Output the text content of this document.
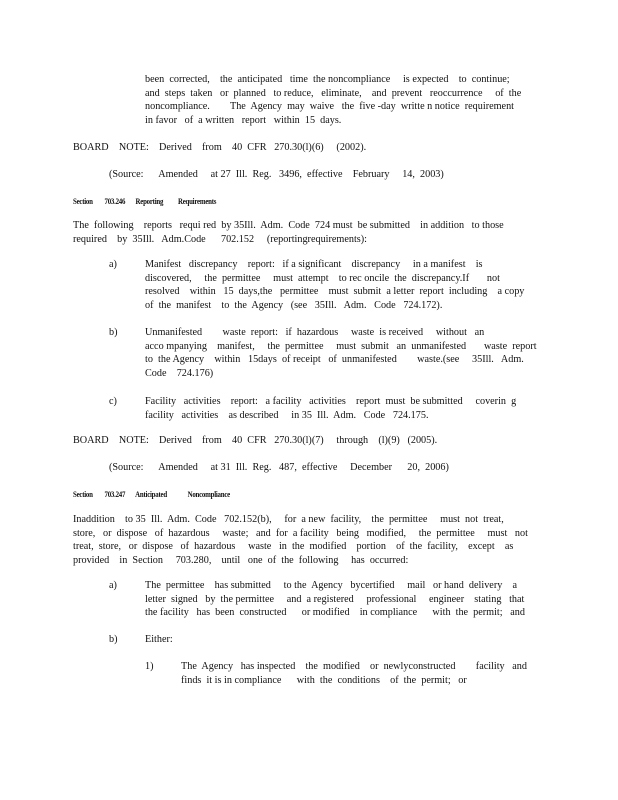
been  corrected,    the  anticipated   time  the noncompliance     is expected    to  continue;
and  steps  taken   or  planned   to reduce,   eliminate,    and  prevent   reoccurrence     of  the
noncompliance.        The  Agency  may  waive   the  five -day  writte n notice  requirement
in favor   of  a written   report   within  15  days.
BOARD    NOTE:    Derived    from    40  CFR   270.30(l)(6)     (2002).
(Source:      Amended     at 27  Ill.  Reg.   3496,  effective    February     14,  2003)
Section        703.246       Reporting          Requirements
The  following    reports   requi red  by 35Ill.  Adm.  Code  724 must  be submitted    in addition   to those
required    by  35Ill.   Adm.Code      702.152     (reportingrequirements):
a)	Manifest   discrepancy    report:   if a significant    discrepancy     in a manifest    is
discovered,     the  permittee     must  attempt    to rec oncile  the  discrepancy.If       not
resolved    within   15  days,the   permittee    must  submit  a letter  report  including    a copy
of  the  manifest    to  the  Agency   (see   35Ill.   Adm.   Code   724.172).
b)	Unmanifested        waste  report:   if  hazardous     waste  is received     without   an
acco mpanying    manifest,     the  permittee     must  submit   an  unmanifested       waste  report
to  the Agency    within   15days  of receipt   of  unmanifested        waste.(see     35Ill.   Adm.
Code    724.176)
c)	Facility   activities    report:   a facility   activities    report  must  be submitted     coverin  g
facility   activities    as described     in 35  Ill.  Adm.   Code   724.175.
BOARD    NOTE:    Derived    from    40  CFR   270.30(l)(7)     through    (l)(9)   (2005).
(Source:      Amended     at 31  Ill.  Reg.   487,  effective     December      20,  2006)
Section        703.247       Anticipated              Noncompliance
Inaddition    to 35  Ill.  Adm.  Code   702.152(b),     for  a new  facility,    the  permittee     must  not  treat,
store,   or  dispose   of  hazardous     waste;   and  for  a facility   being   modified,     the  permittee     must   not
treat,  store,   or  dispose   of  hazardous     waste   in  the  modified    portion    of  the  facility,    except    as
provided    in  Section     703.280,    until   one  of  the  following     has  occurred:
a)	The  permittee    has submitted     to the  Agency   bycertified     mail   or hand  delivery    a
letter  signed   by  the permittee     and  a registered     professional     engineer    stating   that
the facility   has  been  constructed      or modified    in compliance      with  the  permit;   and
b)	Either:
1)	The  Agency   has inspected    the  modified    or  newlyconstructed        facility   and
finds  it is in compliance      with  the  conditions    of  the  permit;   or
